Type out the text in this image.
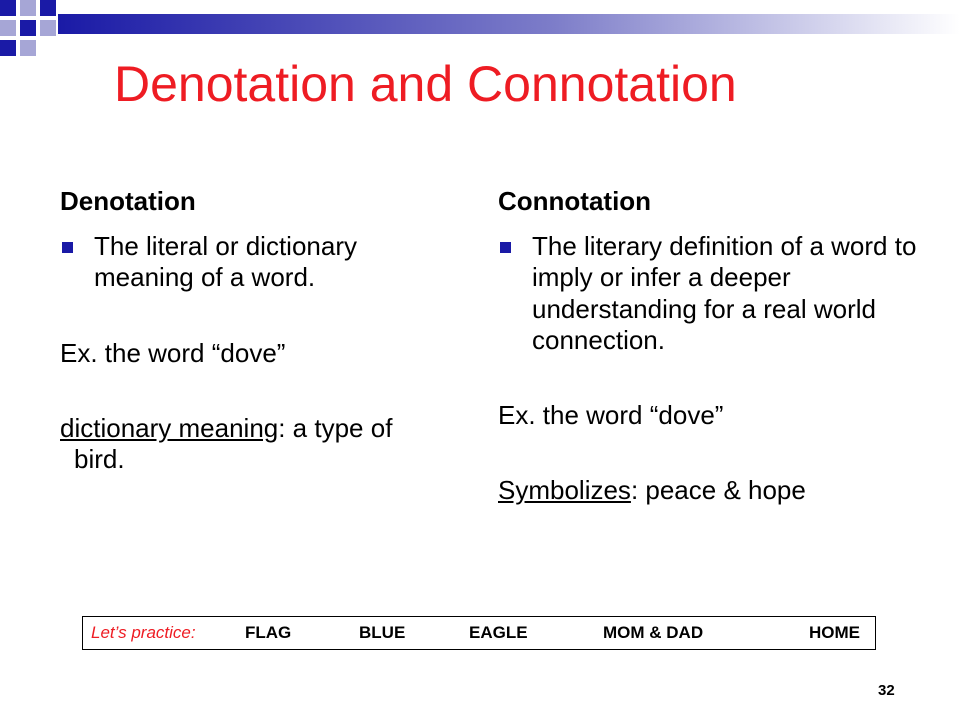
Denotation and Connotation
Denotation
The literal or dictionary meaning of a word.
Ex. the word “dove”
dictionary meaning: a type of bird.
Connotation
The literary definition of a word to imply or infer a deeper understanding for a real world connection.
Ex. the word “dove”
Symbolizes: peace & hope
Let’s practice:	FLAG	BLUE	EAGLE	MOM & DAD	HOME
32
